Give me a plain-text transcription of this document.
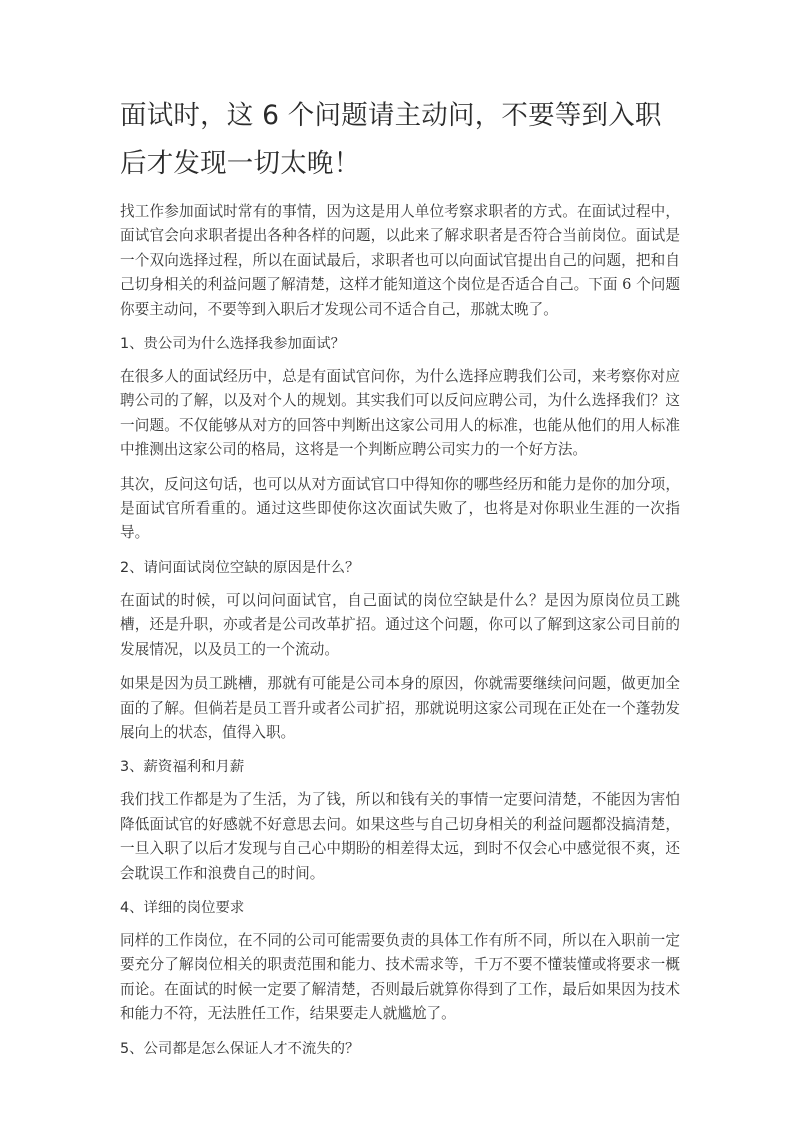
面试时，这 6 个问题请主动问，不要等到入职后才发现一切太晚！

找工作参加面试时常有的事情，因为这是用人单位考察求职者的方式。在面试过程中，面试官会向求职者提出各种各样的问题，以此来了解求职者是否符合当前岗位。面试是一个双向选择过程，所以在面试最后，求职者也可以向面试官提出自己的问题，把和自己切身相关的利益问题了解清楚，这样才能知道这个岗位是否适合自己。下面 6 个问题你要主动问，不要等到入职后才发现公司不适合自己，那就太晚了。

1、贵公司为什么选择我参加面试？

在很多人的面试经历中，总是有面试官问你，为什么选择应聘我们公司，来考察你对应聘公司的了解，以及对个人的规划。其实我们可以反问应聘公司，为什么选择我们？这一问题。不仅能够从对方的回答中判断出这家公司用人的标准，也能从他们的用人标准中推测出这家公司的格局，这将是一个判断应聘公司实力的一个好方法。

其次，反问这句话，也可以从对方面试官口中得知你的哪些经历和能力是你的加分项，是面试官所看重的。通过这些即使你这次面试失败了，也将是对你职业生涯的一次指导。

2、请问面试岗位空缺的原因是什么？

在面试的时候，可以问问面试官，自己面试的岗位空缺是什么？是因为原岗位员工跳槽，还是升职，亦或者是公司改革扩招。通过这个问题，你可以了解到这家公司目前的发展情况，以及员工的一个流动。

如果是因为员工跳槽，那就有可能是公司本身的原因，你就需要继续问问题，做更加全面的了解。但倘若是员工晋升或者公司扩招，那就说明这家公司现在正处在一个蓬勃发展向上的状态，值得入职。

3、薪资福利和月薪

我们找工作都是为了生活，为了钱，所以和钱有关的事情一定要问清楚，不能因为害怕降低面试官的好感就不好意思去问。如果这些与自己切身相关的利益问题都没搞清楚，一旦入职了以后才发现与自己心中期盼的相差得太远，到时不仅会心中感觉很不爽，还会耽误工作和浪费自己的时间。

4、详细的岗位要求

同样的工作岗位，在不同的公司可能需要负责的具体工作有所不同，所以在入职前一定要充分了解岗位相关的职责范围和能力、技术需求等，千万不要不懂装懂或将要求一概而论。在面试的时候一定要了解清楚，否则最后就算你得到了工作，最后如果因为技术和能力不符，无法胜任工作，结果要走人就尴尬了。

5、公司都是怎么保证人才不流失的？
